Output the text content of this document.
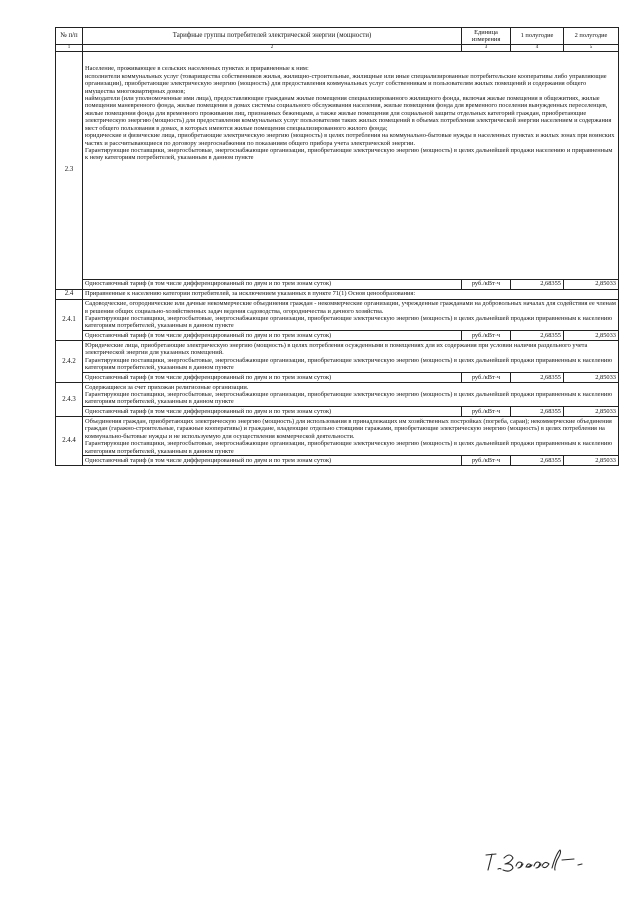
№ п/п	Тарифные группы потребителей электрической энергии (мощности)	Единица измерения	1 полугодие	2 полугодие
1	2	3	4	5
2.3	Население, проживающее в сельских населенных пунктах и приравненные к ним:

исполнители коммунальных услуг (товарищества собственников жилья, жилищно-строительные, жилищные или иные специализированные потребительские кооперативы либо управляющие организации), приобретающие электрическую энергию (мощность) для предоставления коммунальных услуг собственникам и пользователям жилых помещений и содержания общего имущества многоквартирных домов;

наймодатели (или уполномоченные ими лица), предоставляющие гражданам жилые помещения специализированного жилищного фонда, включая жилые помещения в общежитиях, жилые помещения маневренного фонда, жилые помещения в домах системы социального обслуживания населения, жилые помещения фонда для временного поселения вынужденных переселенцев, жилые помещения фонда для временного проживания лиц, признанных беженцами, а также жилые помещения для социальной защиты отдельных категорий граждан, приобретающие электрическую энергию (мощность) для предоставления коммунальных услуг пользователям таких жилых помещений в объемах потребления электрической энергии населением и содержания мест общего пользования в домах, в которых имеются жилые помещения специализированного жилого фонда;

юридические и физические лица, приобретающие электрическую энергию (мощность) в целях потребления на коммунально-бытовые нужды в населенных пунктах и жилых зонах при воинских частях и рассчитывающиеся по договору энергоснабжения по показаниям общего прибора учета электрической энергии.

Гарантирующие поставщики, энергосбытовые, энергоснабжающие организации, приобретающие электрическую энергию (мощность) в целях дальнейшей продажи населению и приравненным к нему категориям потребителей, указанным в данном пункте			

	Одноставочный тариф (в том числе дифференцированный по двум и по трем зонам суток)	руб./кВт·ч	2,68355	2,85033
2.4	Приравненные к населению категории потребителей, за исключением указанных в пункте 71(1) Основ ценообразования:			
2.4.1	Садоводческие, огороднические или дачные некоммерческие объединения граждан - некоммерческие организации, учрежденные гражданами на добровольных началах для содействия ее членам в решении общих социально-хозяйственных задач ведения садоводства, огородничества и дачного хозяйства.

Гарантирующие поставщики, энергосбытовые, энергоснабжающие организации, приобретающие электрическую энергию (мощность) в целях дальнейшей продажи приравненным к населению категориям потребителей, указанным в данном пункте			

	Одноставочный тариф (в том числе дифференцированный по двум и по трем зонам суток)	руб./кВт·ч	2,68355	2,85033
2.4.2	Юридические лица, приобретающие электрическую энергию (мощность) в целях потребления осужденными в помещениях для их содержания при условии наличия раздельного учета электрической энергии для указанных помещений.

Гарантирующие поставщики, энергосбытовые, энергоснабжающие организации, приобретающие электрическую энергию (мощность) в целях дальнейшей продажи приравненным к населению категориям потребителей, указанным в данном пункте			

	Одноставочный тариф (в том числе дифференцированный по двум и по трем зонам суток)	руб./кВт·ч	2,68355	2,85033
2.4.3	Содержащиеся за счет прихожан религиозные организации.

Гарантирующие поставщики, энергосбытовые, энергоснабжающие организации, приобретающие электрическую энергию (мощность) в целях дальнейшей продажи приравненным к населению категориям потребителей, указанным в данном пункте			

	Одноставочный тариф (в том числе дифференцированный по двум и по трем зонам суток)	руб./кВт·ч	2,68355	2,85033
2.4.4	Объединения граждан, приобретающих электрическую энергию (мощность) для использования в принадлежащих им хозяйственных постройках (погреба, сараи); некоммерческие объединения граждан (гаражно-строительные, гаражные кооперативы) и граждане, владеющие отдельно стоящими гаражами, приобретающие электрическую энергию (мощность) в целях потребления на коммунально-бытовые нужды и не используемую для осуществления коммерческой деятельности.

Гарантирующие поставщики, энергосбытовые, энергоснабжающие организации, приобретающие электрическую энергию (мощность) в целях дальнейшей продажи приравненным к населению категориям потребителей, указанным в данном пункте			

	Одноставочный тариф (в том числе дифференцированный по двум и по трем зонам суток)	руб./кВт·ч	2,68355	2,85033
